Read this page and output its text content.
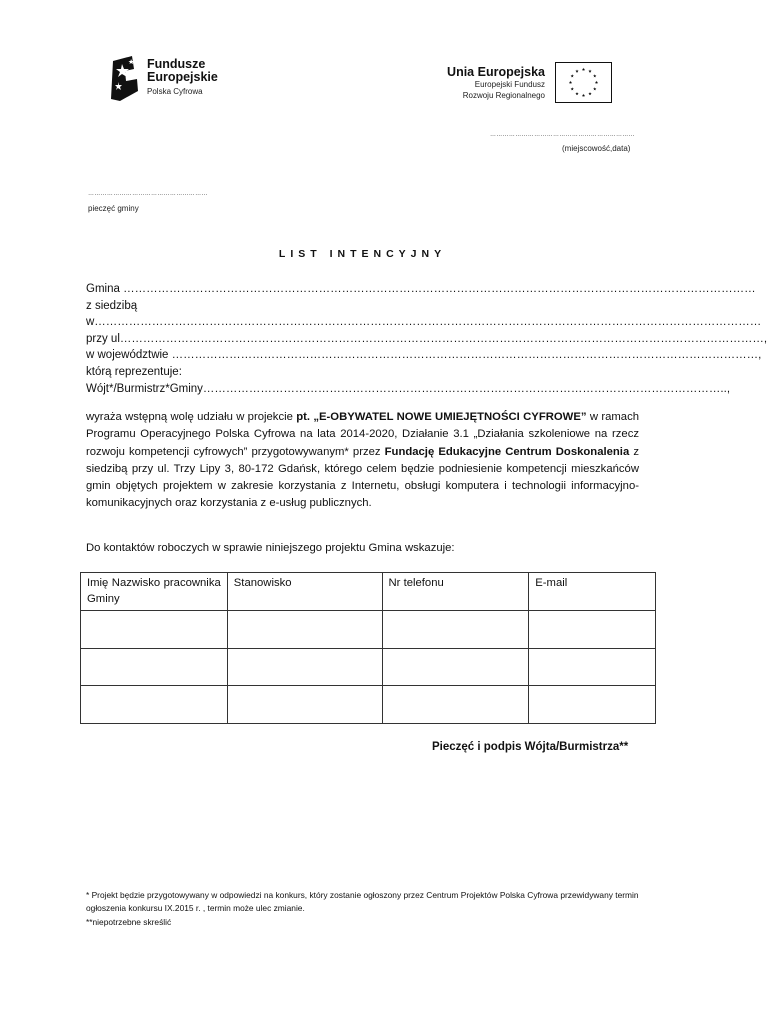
Fundusze
Europejskie
Polska Cyfrowa
Unia Europejska
Europejski Fundusz
Rozwoju Regionalnego
……………………………………………………………
(miejscowość,data)
…………………………………………………
pieczęć gminy
LIST INTENCYJNY
Gmina …………………………………………………………………………………………………………………………………………………
z siedzibą
w…………………………………………………………………………………………………………………………………………………………
przy ul……………………………………………………………………………………………………………………………………………………,
w województwie ………………………………………………………………………………………………………………………………………,
którą reprezentuje:
Wójt*/Burmistrz*Gminy………………………………………………………………………………………………………………………..,
wyraża wstępną wolę udziału w projekcie pt. „E-OBYWATEL NOWE UMIEJĘTNOŚCI CYFROWE” w ramach Programu Operacyjnego Polska Cyfrowa na lata 2014-2020, Działanie 3.1 „Działania szkoleniowe na rzecz rozwoju kompetencji cyfrowych” przygotowywanym* przez Fundację Edukacyjne Centrum Doskonalenia z siedzibą przy ul. Trzy Lipy 3, 80-172 Gdańsk, którego celem będzie podniesienie kompetencji mieszkańców gmin objętych projektem w zakresie korzystania z Internetu, obsługi komputera i technologii informacyjno-komunikacyjnych oraz korzystania z e-usług publicznych.
Do kontaktów roboczych w sprawie niniejszego projektu Gmina wskazuje:
Imię Nazwisko pracownika Gminy	Stanowisko	Nr telefonu	E-mail

Pieczęć i podpis Wójta/Burmistrza**
* Projekt będzie przygotowywany w odpowiedzi na konkurs, który zostanie ogłoszony przez Centrum Projektów Polska Cyfrowa przewidywany termin ogłoszenia konkursu IX.2015 r. , termin może ulec zmianie.
**niepotrzebne skreślić
